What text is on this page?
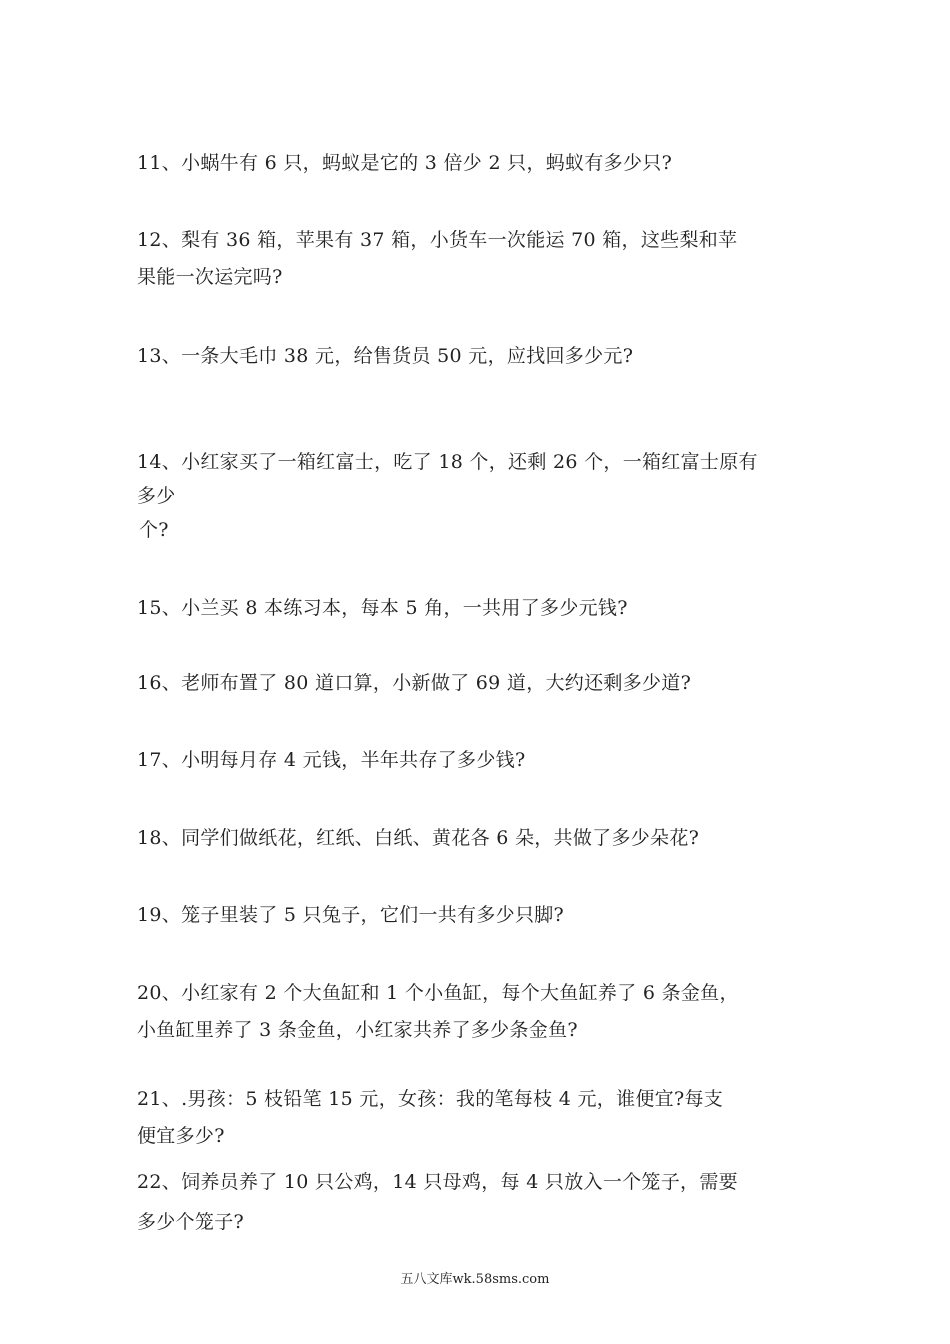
11、小蜗牛有 6 只，蚂蚁是它的 3 倍少 2 只，蚂蚁有多少只?
12、梨有 36 箱，苹果有 37 箱，小货车一次能运 70 箱，这些梨和苹
果能一次运完吗?
13、一条大毛巾 38 元，给售货员 50 元，应找回多少元?
14、小红家买了一箱红富士，吃了 18 个，还剩 26 个，一箱红富士原有
多少
个?
15、小兰买 8 本练习本，每本 5 角，一共用了多少元钱?
16、老师布置了 80 道口算，小新做了 69 道，大约还剩多少道?
17、小明每月存 4 元钱，半年共存了多少钱?
18、同学们做纸花，红纸、白纸、黄花各 6 朵，共做了多少朵花?
19、笼子里装了 5 只兔子，它们一共有多少只脚?
20、小红家有 2 个大鱼缸和 1 个小鱼缸，每个大鱼缸养了 6 条金鱼，
小鱼缸里养了 3 条金鱼，小红家共养了多少条金鱼?
21、.男孩：5 枝铅笔 15 元，女孩：我的笔每枝 4 元，谁便宜?每支
便宜多少?
22、饲养员养了 10 只公鸡，14 只母鸡，每 4 只放入一个笼子，需要
多少个笼子?
五八文库wk.58sms.com
